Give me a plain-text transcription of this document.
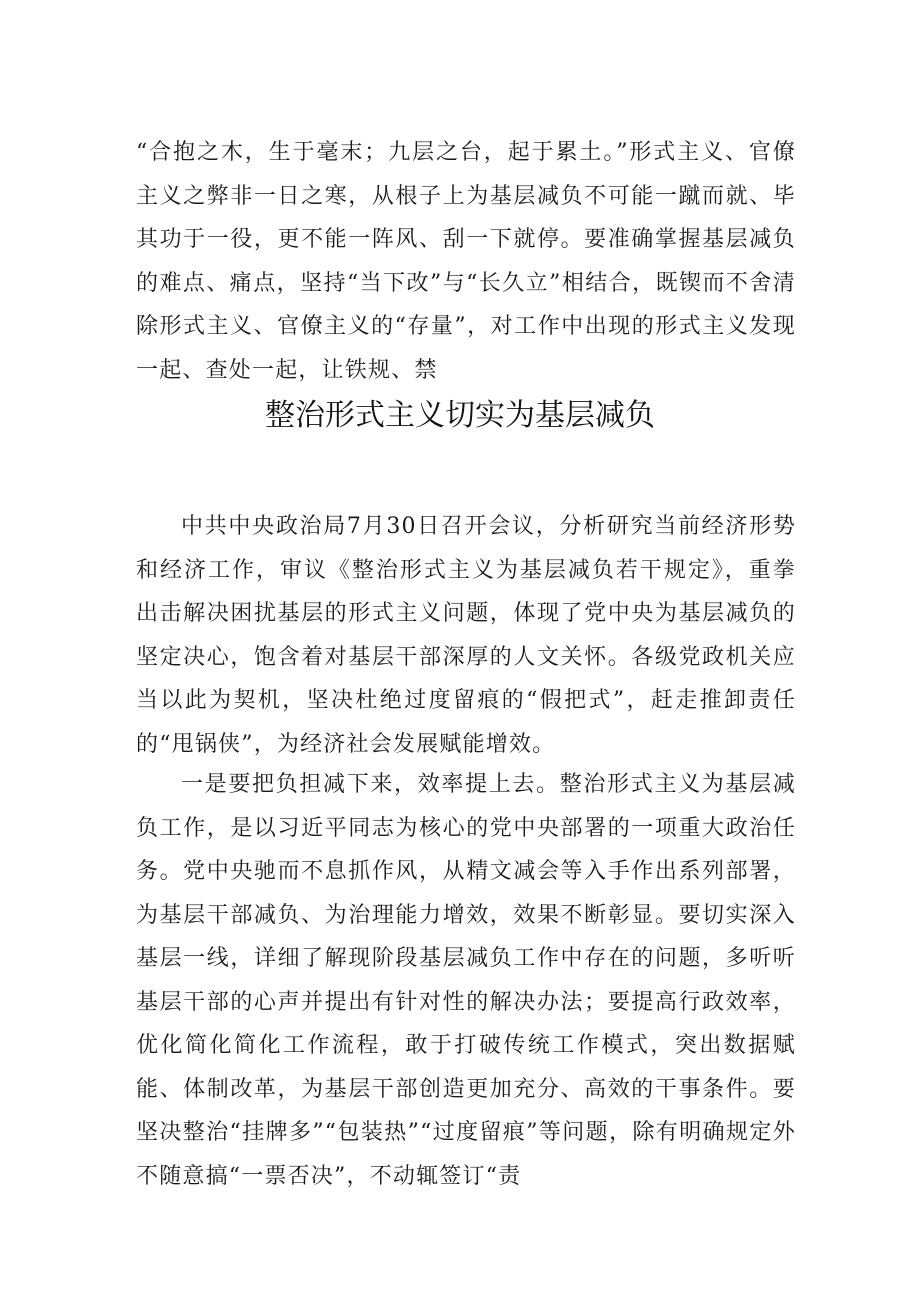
“合抱之木，生于毫末；九层之台，起于累土。”形式主义、官僚主义之弊非一日之寒，从根子上为基层减负不可能一蹴而就、毕其功于一役，更不能一阵风、刮一下就停。要准确掌握基层减负的难点、痛点，坚持“当下改”与“长久立”相结合，既锲而不舍清除形式主义、官僚主义的“存量”，对工作中出现的形式主义发现一起、查处一起，让铁规、禁

整治形式主义切实为基层减负

中共中央政治局7月30日召开会议，分析研究当前经济形势和经济工作，审议《整治形式主义为基层减负若干规定》，重拳出击解决困扰基层的形式主义问题，体现了党中央为基层减负的坚定决心，饱含着对基层干部深厚的人文关怀。各级党政机关应当以此为契机，坚决杜绝过度留痕的“假把式”，赶走推卸责任的“甩锅侠”，为经济社会发展赋能增效。

一是要把负担减下来，效率提上去。整治形式主义为基层减负工作，是以习近平同志为核心的党中央部署的一项重大政治任务。党中央驰而不息抓作风，从精文减会等入手作出系列部署，为基层干部减负、为治理能力增效，效果不断彰显。要切实深入基层一线，详细了解现阶段基层减负工作中存在的问题，多听听基层干部的心声并提出有针对性的解决办法；要提高行政效率，优化简化简化工作流程，敢于打破传统工作模式，突出数据赋能、体制改革，为基层干部创造更加充分、高效的干事条件。要坚决整治“挂牌多”“包装热”“过度留痕”等问题，除有明确规定外不随意搞“一票否决”，不动辄签订“责
